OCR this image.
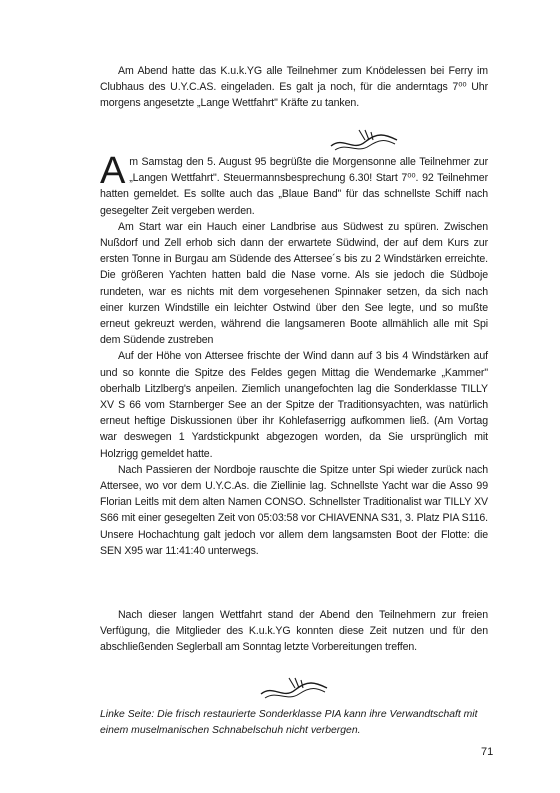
Am Abend hatte das K.u.k.YG alle Teilnehmer zum Knödelessen bei Ferry im Clubhaus des U.Y.C.AS. eingeladen. Es galt ja noch, für die anderntags 7⁰⁰ Uhr morgens angesetzte „Lange Wettfahrt" Kräfte zu tanken.

Am Samstag den 5. August 95 begrüßte die Morgensonne alle Teilnehmer zur „Langen Wettfahrt". Steuermannsbesprechung 6.30! Start 7⁰⁰. 92 Teilnehmer hatten gemeldet. Es sollte auch das „Blaue Band" für das schnellste Schiff nach gesegelter Zeit vergeben werden.

Am Start war ein Hauch einer Landbrise aus Südwest zu spüren. Zwischen Nußdorf und Zell erhob sich dann der erwartete Südwind, der auf dem Kurs zur ersten Tonne in Burgau am Südende des Attersee´s bis zu 2 Windstärken erreichte. Die größeren Yachten hatten bald die Nase vorne. Als sie jedoch die Südboje rundeten, war es nichts mit dem vorgesehenen Spinnaker setzen, da sich nach einer kurzen Windstille ein leichter Ostwind über den See legte, und so mußte erneut gekreuzt werden, während die langsameren Boote allmählich alle mit Spi dem Südende zustreben

Auf der Höhe von Attersee frischte der Wind dann auf 3 bis 4 Windstärken auf und so konnte die Spitze des Feldes gegen Mittag die Wendemarke „Kammer" oberhalb Litzlberg's anpeilen. Ziemlich unangefochten lag die Sonderklasse TILLY XV S 66 vom Starnberger See an der Spitze der Traditionsyachten, was natürlich erneut heftige Diskussionen über ihr Kohlefaserrigg aufkommen ließ. (Am Vortag war deswegen 1 Yardstickpunkt abgezogen worden, da Sie ursprünglich mit Holzrigg gemeldet hatte.

Nach Passieren der Nordboje rauschte die Spitze unter Spi wieder zurück nach Attersee, wo vor dem U.Y.C.As. die Ziellinie lag. Schnellste Yacht war die Asso 99 Florian Leitls mit dem alten Namen CONSO. Schnellster Traditionalist war TILLY XV S66 mit einer gesegelten Zeit von 05:03:58 vor CHIAVENNA S31, 3. Platz PIA S116. Unsere Hochachtung galt jedoch vor allem dem langsamsten Boot der Flotte: die SEN X95 war 11:41:40 unterwegs.

Nach dieser langen Wettfahrt stand der Abend den Teilnehmern zur freien Verfügung, die Mitglieder des K.u.k.YG konnten diese Zeit nutzen und für den abschließenden Seglerball am Sonntag letzte Vorbereitungen treffen.

Linke Seite: Die frisch restaurierte Sonderklasse PIA kann ihre Verwandtschaft mit einem muselmanischen Schnabelschuh nicht verbergen.
71
